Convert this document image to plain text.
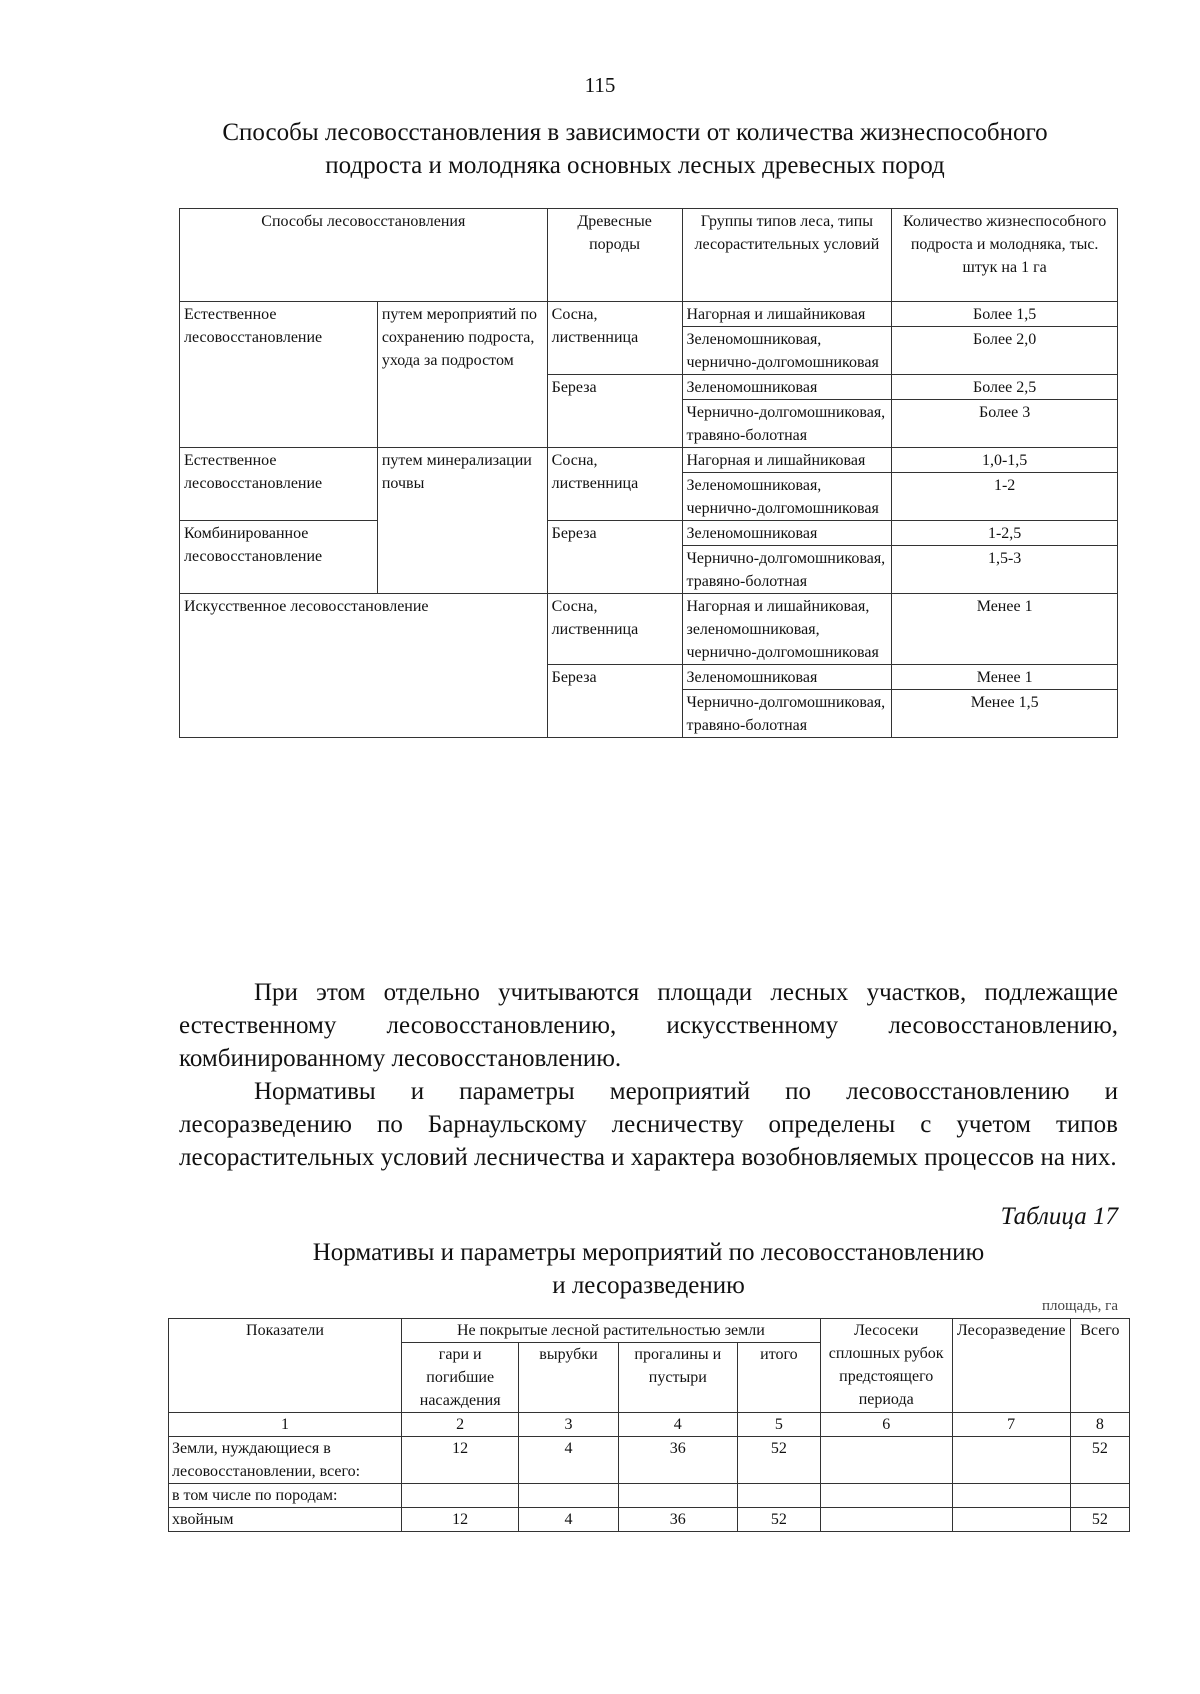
115
Способы лесовосстановления в зависимости от количества жизнеспособного
подроста и молодняка основных лесных древесных пород
Способы лесовосстановления		Древесные породы	Группы типов леса, типы лесорастительных условий	Количество жизнеспособного подроста и молодняка, тыс. штук на 1 га
Естественное лесовосстановление	путем мероприятий по сохранению подроста, ухода за подростом	Сосна, лиственница	Нагорная и лишайниковая	Более 1,5
			Зеленомошниковая, чернично-долгомошниковая	Более 2,0
		Береза	Зеленомошниковая	Более 2,5
			Чернично-долгомошниковая, травяно-болотная	Более 3

Естественное лесовосстановление	путем минерализации почвы	Сосна, лиственница	Нагорная и лишайниковая	1,0-1,5
			Зеленомошниковая, чернично-долгомошниковая	1-2
Комбинированное лесовосстановление		Береза	Зеленомошниковая	1-2,5
			Чернично-долгомошниковая, травяно-болотная	1,5-3
Искусственное лесовосстановление		Сосна, лиственница	Нагорная и лишайниковая, зеленомошниковая, чернично-долгомошниковая	Менее 1
		Береза	Зеленомошниковая	Менее 1
			Чернично-долгомошниковая, травяно-болотная	Менее 1,5

При этом отдельно учитываются площади лесных участков, подлежащие естественному лесовосстановлению, искусственному лесовосстановлению, комбинированному лесовосстановлению.

Нормативы и параметры мероприятий по лесовосстановлению и лесоразведению по Барнаульскому лесничеству определены с учетом типов лесорастительных условий лесничества и характера возобновляемых процессов на них.

Таблица 17
Нормативы и параметры мероприятий по лесовосстановлению
и лесоразведению
площадь, га
Показатели	Не покрытые лесной растительностью земли				Лесосеки сплошных рубок предстоящего периода	Лесоразведение	Всего
	гари и погибшие насаждения	вырубки	прогалины и пустыри	итого			
1	2	3	4	5	6	7	8
Земли, нуждающиеся в лесовосстановлении, всего:	12	4	36	52			52
в том числе по породам:							
хвойным	12	4	36	52			52
